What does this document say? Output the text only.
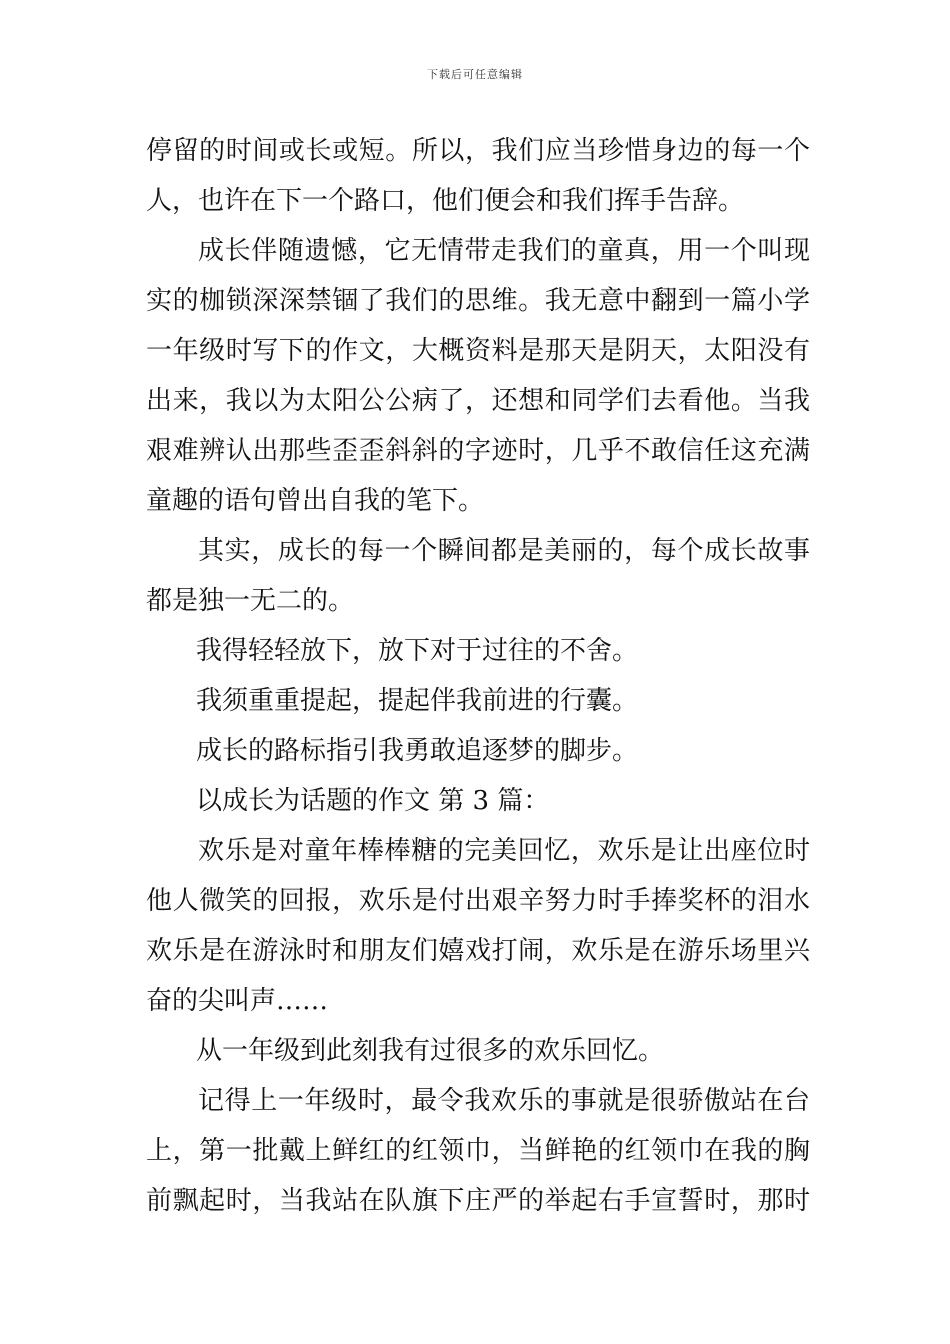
下载后可任意编辑
停留的时间或长或短。所以，我们应当珍惜身边的每一个
人，也许在下一个路口，他们便会和我们挥手告辞。
成长伴随遗憾，它无情带走我们的童真，用一个叫现
实的枷锁深深禁锢了我们的思维。我无意中翻到一篇小学
一年级时写下的作文，大概资料是那天是阴天，太阳没有
出来，我以为太阳公公病了，还想和同学们去看他。当我
艰难辨认出那些歪歪斜斜的字迹时，几乎不敢信任这充满
童趣的语句曾出自我的笔下。
其实，成长的每一个瞬间都是美丽的，每个成长故事
都是独一无二的。
我得轻轻放下，放下对于过往的不舍。
我须重重提起，提起伴我前进的行囊。
成长的路标指引我勇敢追逐梦的脚步。
以成长为话题的作文 第 3 篇：
欢乐是对童年棒棒糖的完美回忆，欢乐是让出座位时
他人微笑的回报，欢乐是付出艰辛努力时手捧奖杯的泪水
欢乐是在游泳时和朋友们嬉戏打闹，欢乐是在游乐场里兴
奋的尖叫声……
从一年级到此刻我有过很多的欢乐回忆。
记得上一年级时，最令我欢乐的事就是很骄傲站在台
上，第一批戴上鲜红的红领巾，当鲜艳的红领巾在我的胸
前飘起时，当我站在队旗下庄严的举起右手宣誓时，那时
